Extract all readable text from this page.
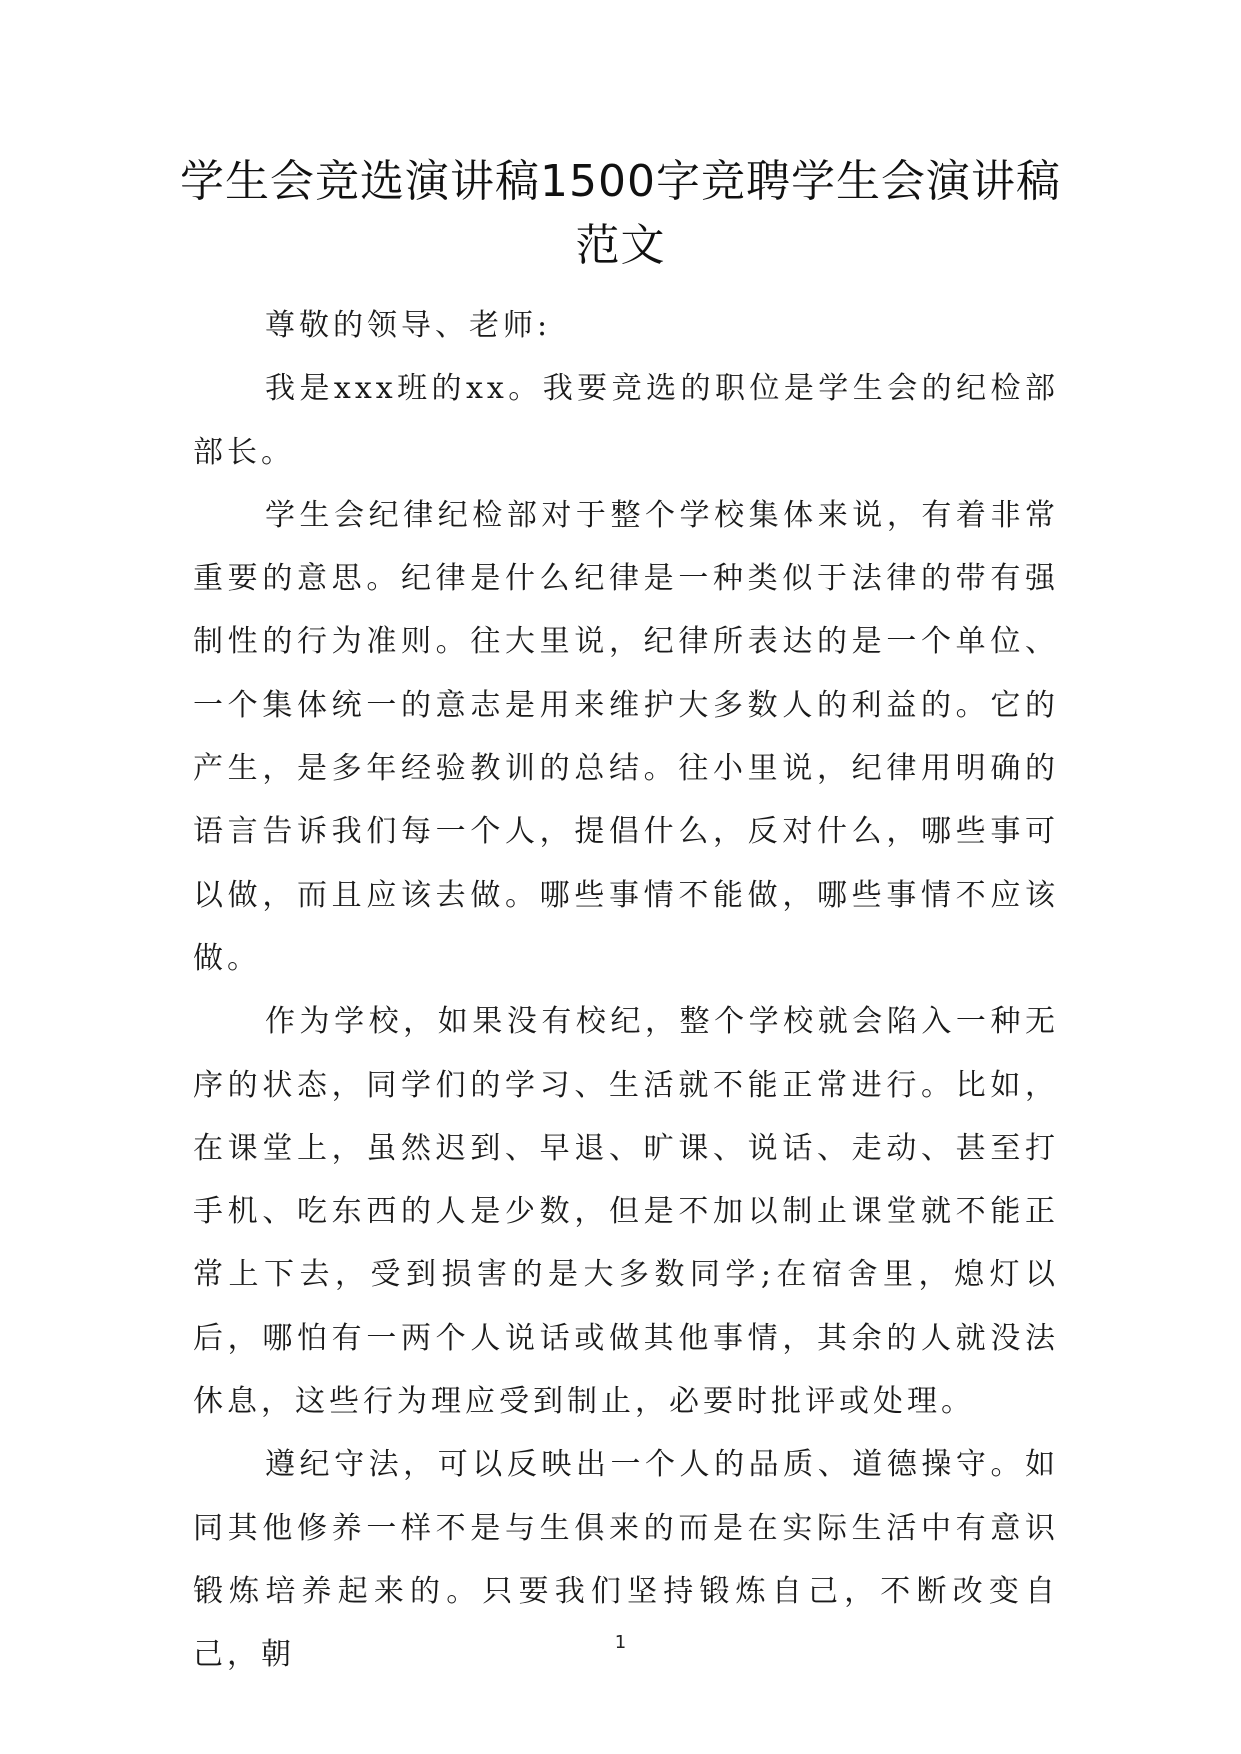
学生会竞选演讲稿1500字竞聘学生会演讲稿范文

尊敬的领导、老师:

我是xxx班的xx。我要竞选的职位是学生会的纪检部部长。

学生会纪律纪检部对于整个学校集体来说，有着非常重要的意思。纪律是什么纪律是一种类似于法律的带有强制性的行为准则。往大里说，纪律所表达的是一个单位、一个集体统一的意志是用来维护大多数人的利益的。它的产生，是多年经验教训的总结。往小里说，纪律用明确的语言告诉我们每一个人，提倡什么，反对什么，哪些事可以做，而且应该去做。哪些事情不能做，哪些事情不应该做。

作为学校，如果没有校纪，整个学校就会陷入一种无序的状态，同学们的学习、生活就不能正常进行。比如，在课堂上，虽然迟到、早退、旷课、说话、走动、甚至打手机、吃东西的人是少数，但是不加以制止课堂就不能正常上下去，受到损害的是大多数同学;在宿舍里，熄灯以后，哪怕有一两个人说话或做其他事情，其余的人就没法休息，这些行为理应受到制止，必要时批评或处理。

遵纪守法，可以反映出一个人的品质、道德操守。如同其他修养一样不是与生俱来的而是在实际生活中有意识锻炼培养起来的。只要我们坚持锻炼自己，不断改变自己，朝	1
